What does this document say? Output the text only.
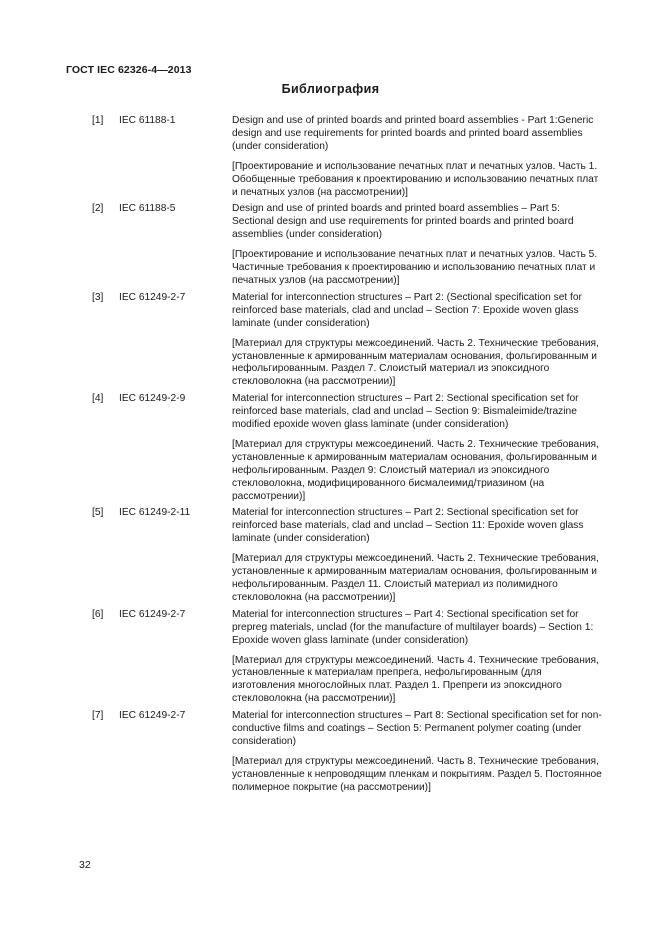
ГОСТ IEC 62326-4—2013
Библиография
[1]	IEC 61188-1	Design and use of printed boards and printed board assemblies - Part 1:Generic design and use requirements for printed boards and printed board assemblies (under consideration)

[Проектирование и использование печатных плат и печатных узлов. Часть 1. Обобщенные требования к проектированию и использованию печатных плат и печатных узлов (на рассмотрении)]

[2]	IEC 61188-5	Design and use of printed boards and printed board assemblies – Part 5: Sectional design and use requirements for printed boards and printed board assemblies (under consideration)

[Проектирование и использование печатных плат и печатных узлов. Часть 5. Частичные требования к проектированию и использованию печатных плат и печатных узлов (на рассмотрении)]

[3]	IEC 61249-2-7	Material for interconnection structures – Part 2: (Sectional specification set for reinforced base materials, clad and unclad – Section 7: Epoxide woven glass laminate (under consideration)

[Материал для структуры межсоединений. Часть 2. Технические требования, установленные к армированным материалам основания, фольгированным и нефольгированным. Раздел 7. Слоистый материал из эпоксидного стекловолокна (на рассмотрении)]

[4]	IEC 61249-2-9	Material for interconnection structures – Part 2: Sectional specification set for reinforced base materials, clad and unclad – Section 9: Bismaleimide/trazine modified epoxide woven glass laminate (under consideration)

[Материал для структуры межсоединений. Часть 2. Технические требования, установленные к армированным материалам основания, фольгированным и нефольгированным. Раздел 9: Слоистый материал из эпоксидного стекловолокна, модифицированного бисмалеимид/триазином (на рассмотрении)]

[5]	IEC 61249-2-11	Material for interconnection structures – Part 2: Sectional specification set for reinforced base materials, clad and unclad – Section 11: Epoxide woven glass laminate (under consideration)

[Материал для структуры межсоединений. Часть 2. Технические требования, установленные к армированным материалам основания, фольгированным и нефольгированным. Раздел 11. Слоистый материал из полимидного стекловолокна (на рассмотрении)]

[6]	IEC 61249-2-7	Material for interconnection structures – Part 4: Sectional specification set for prepreg materials, unclad (for the manufacture of multilayer boards) – Section 1: Epoxide woven glass laminate (under consideration)

[Материал для структуры межсоединений. Часть 4. Технические требования, установленные к материалам препрега, нефольгированным (для изготовления многослойных плат. Раздел 1. Препреги из эпоксидного стекловолокна (на рассмотрении)]

[7]	IEC 61249-2-7	Material for interconnection structures – Part 8: Sectional specification set for non-conductive films and coatings – Section 5: Permanent polymer coating (under consideration)

[Материал для структуры межсоединений. Часть 8. Технические требования, установленные к непроводящим пленкам и покрытиям. Раздел 5. Постоянное полимерное покрытие (на рассмотрении)]

32
